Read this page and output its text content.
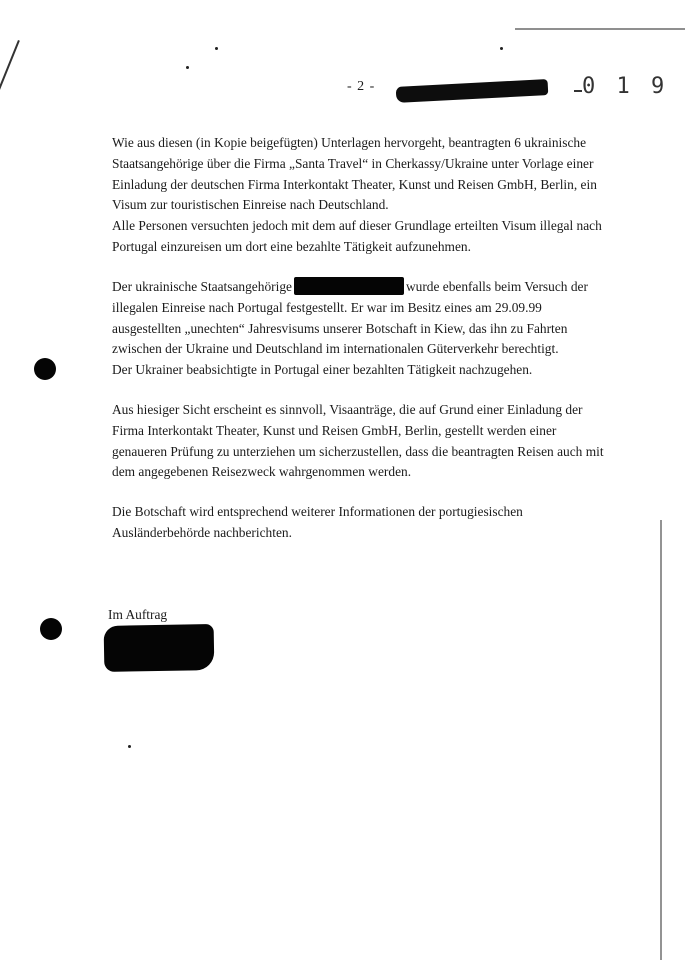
- 2 -	0 1 9
Wie aus diesen (in Kopie beigefügten) Unterlagen hervorgeht, beantragten 6 ukrainische
Staatsangehörige über die Firma „Santa Travel“ in Cherkassy/Ukraine unter Vorlage einer
Einladung der deutschen Firma Interkontakt Theater, Kunst und Reisen GmbH, Berlin, ein
Visum zur touristischen Einreise nach Deutschland.
Alle Personen versuchten jedoch mit dem auf dieser Grundlage erteilten Visum illegal nach
Portugal einzureisen um dort eine bezahlte Tätigkeit aufzunehmen.
Der ukrainische Staatsangehörige	wurde ebenfalls beim Versuch der
illegalen Einreise nach Portugal festgestellt. Er war im Besitz eines am 29.09.99
ausgestellten „unechten“ Jahresvisums unserer Botschaft in Kiew, das ihn zu Fahrten
zwischen der Ukraine und Deutschland im internationalen Güterverkehr berechtigt.
Der Ukrainer beabsichtigte in Portugal einer bezahlten Tätigkeit nachzugehen.
Aus hiesiger Sicht erscheint es sinnvoll, Visaanträge, die auf Grund einer Einladung der
Firma Interkontakt Theater, Kunst und Reisen GmbH, Berlin, gestellt werden einer
genaueren Prüfung zu unterziehen um sicherzustellen, dass die beantragten Reisen auch mit
dem angegebenen Reisezweck wahrgenommen werden.
Die Botschaft wird entsprechend weiterer Informationen der portugiesischen
Ausländerbehörde nachberichten.
Im Auftrag
